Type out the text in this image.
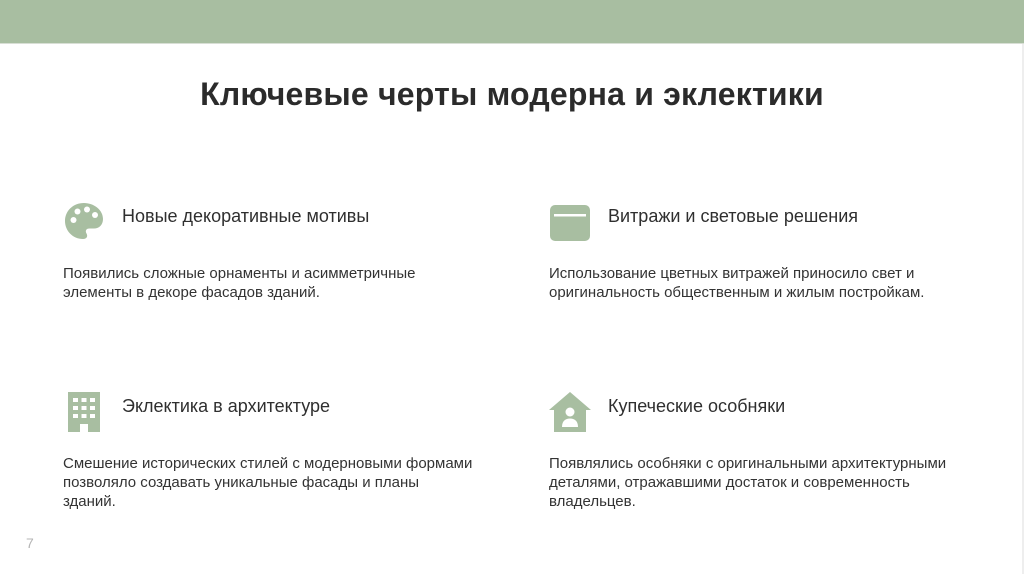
Ключевые черты модерна и эклектики
Новые декоративные мотивы
Появились сложные орнаменты и асимметричные элементы в декоре фасадов зданий.
Витражи и световые решения
Использование цветных витражей приносило свет и оригинальность общественным и жилым постройкам.
Эклектика в архитектуре
Смешение исторических стилей с модерновыми формами позволяло создавать уникальные фасады и планы зданий.
Купеческие особняки
Появлялись особняки с оригинальными архитектурными деталями, отражавшими достаток и современность владельцев.
7
